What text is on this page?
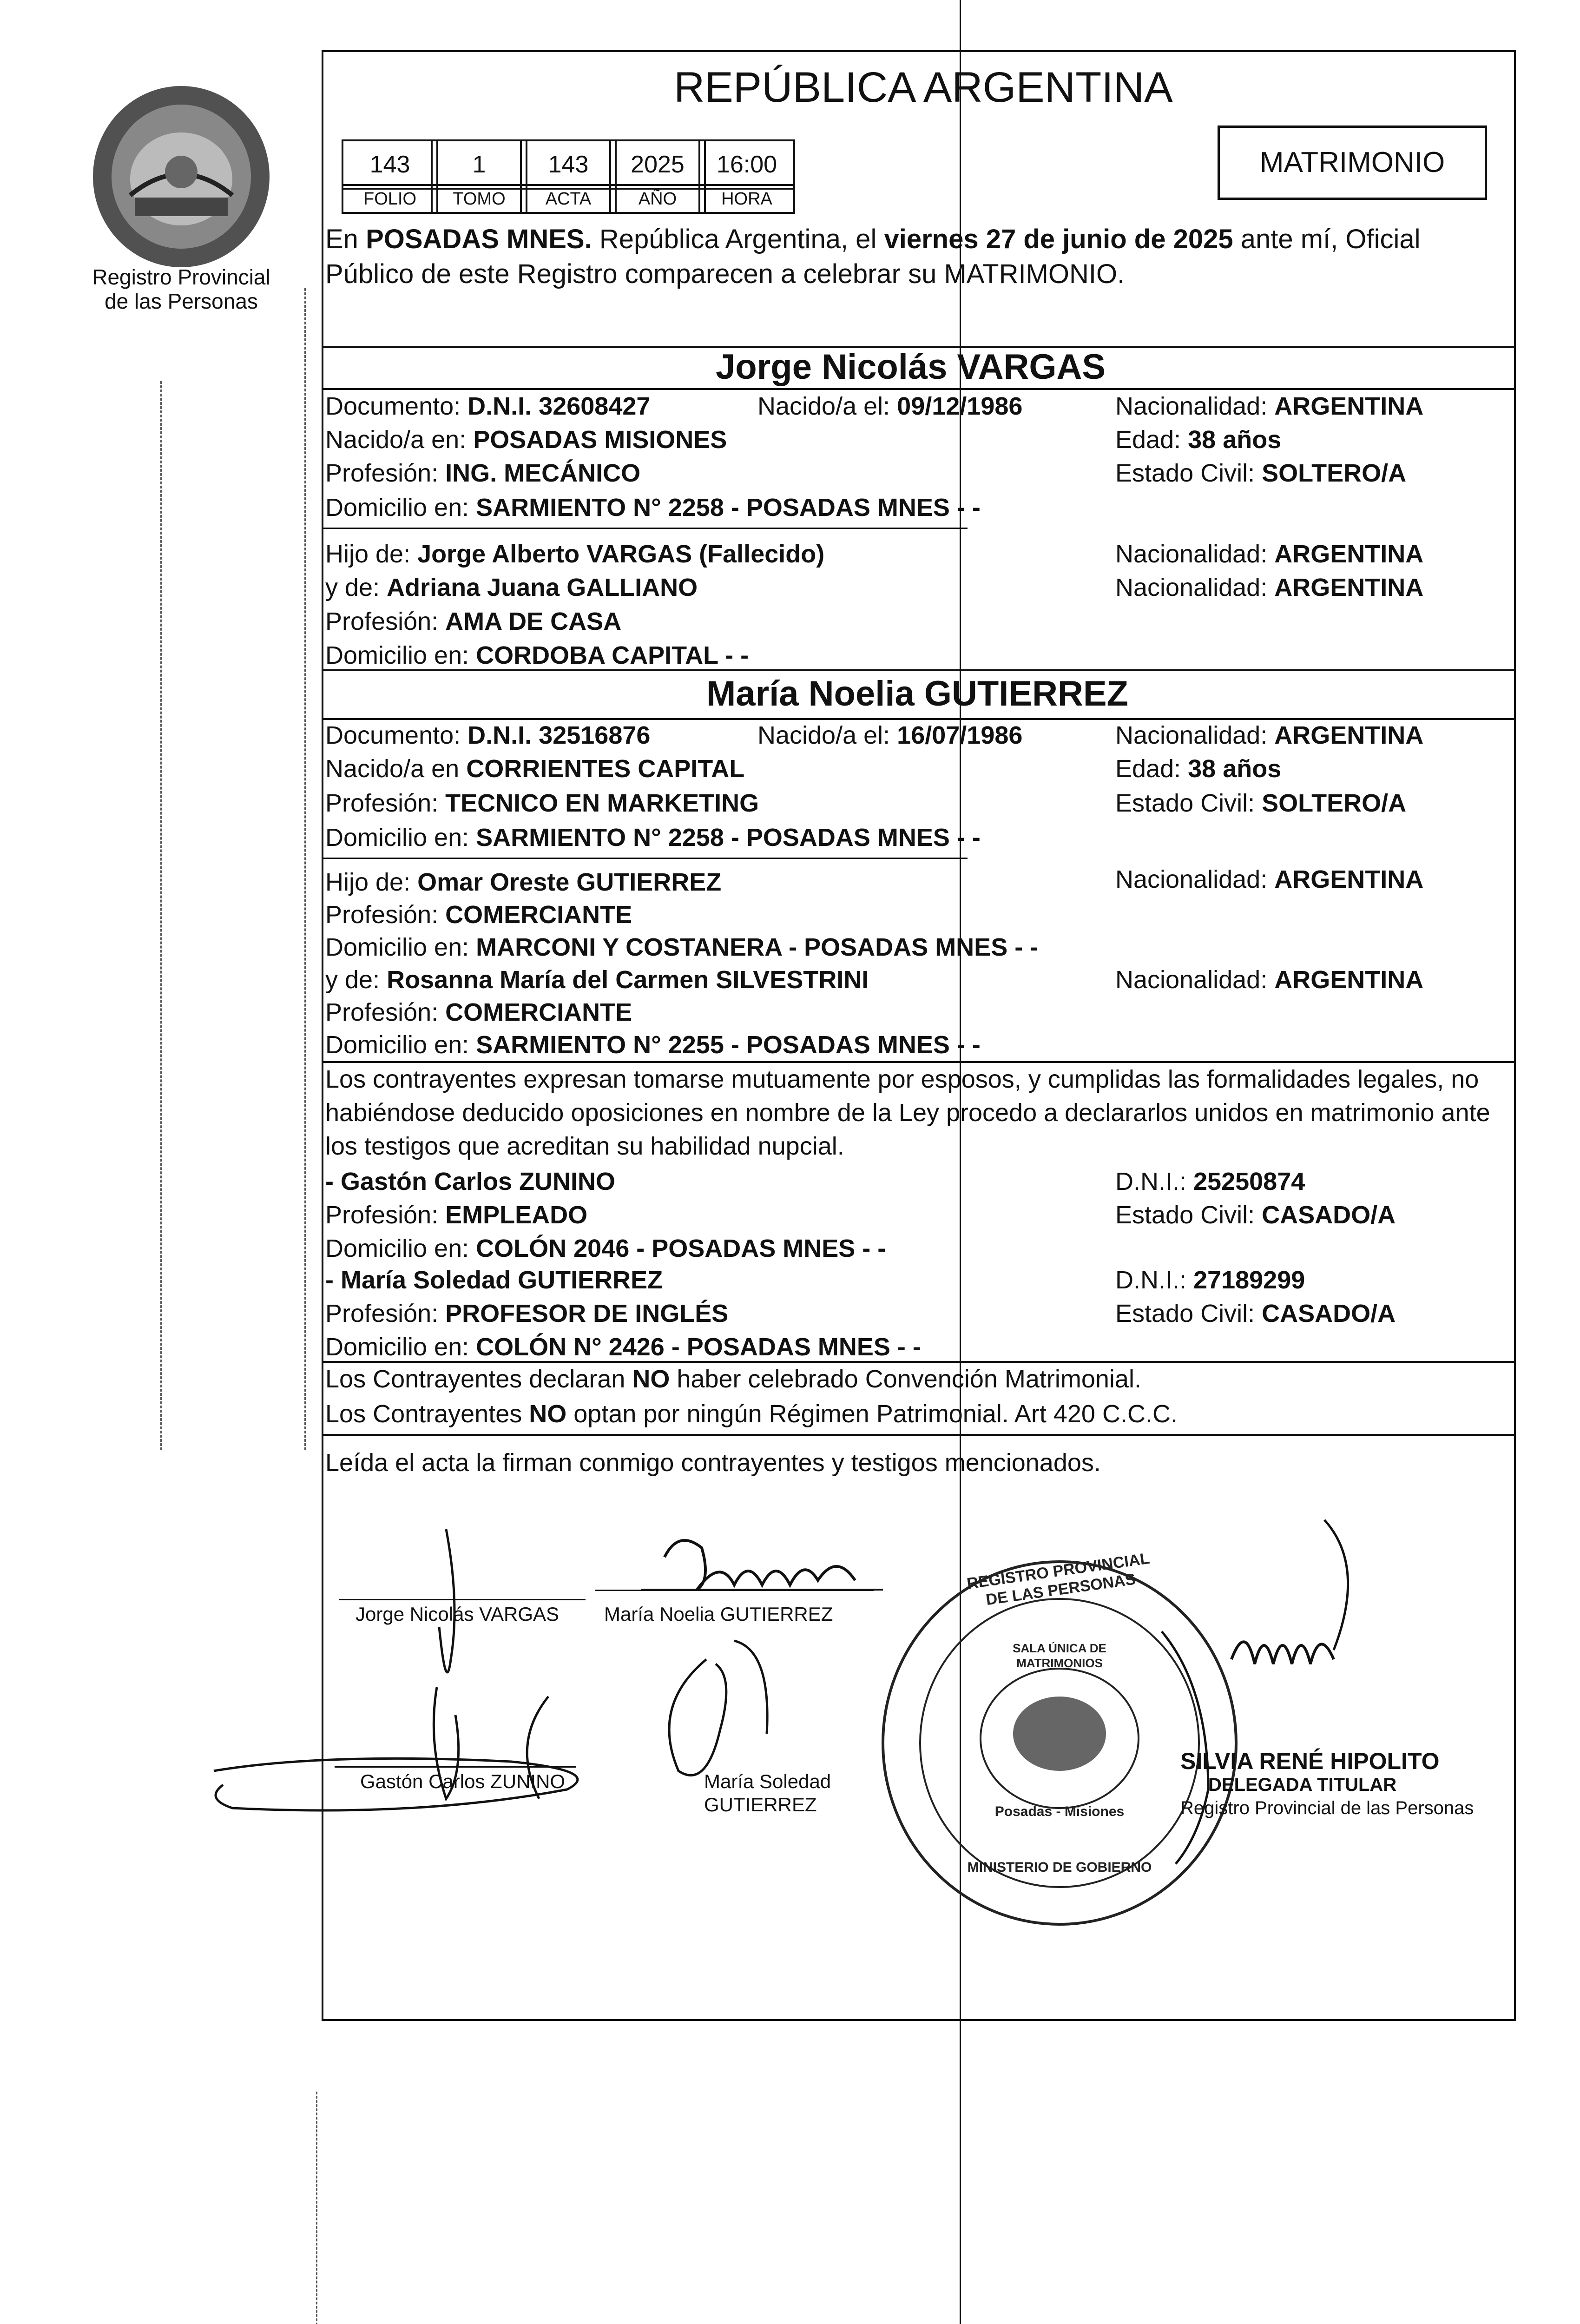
Registro Provincial
de las Personas
REPÚBLICA ARGENTINA
143	1	143	2025	16:00
FOLIO	TOMO	ACTA	AÑO	HORA
MATRIMONIO
En POSADAS MNES. República Argentina, el viernes 27 de junio de 2025 ante mí, Oficial
Público de este Registro comparecen a celebrar su MATRIMONIO.
Jorge Nicolás VARGAS
Documento: D.N.I. 32608427	Nacido/a el: 09/12/1986	Nacionalidad: ARGENTINA
Nacido/a en: POSADAS MISIONES	Edad: 38 años
Profesión: ING. MECÁNICO	Estado Civil: SOLTERO/A
Domicilio en: SARMIENTO N° 2258 - POSADAS MNES - -
Hijo de: Jorge Alberto VARGAS (Fallecido)	Nacionalidad: ARGENTINA
y de: Adriana Juana GALLIANO	Nacionalidad: ARGENTINA
Profesión: AMA DE CASA
Domicilio en: CORDOBA CAPITAL - -
María Noelia GUTIERREZ
Documento: D.N.I. 32516876	Nacido/a el: 16/07/1986	Nacionalidad: ARGENTINA
Nacido/a en CORRIENTES CAPITAL	Edad: 38 años
Profesión: TECNICO EN MARKETING	Estado Civil: SOLTERO/A
Domicilio en: SARMIENTO N° 2258 - POSADAS MNES - -
Hijo de: Omar Oreste GUTIERREZ	Nacionalidad: ARGENTINA
Profesión: COMERCIANTE
Domicilio en: MARCONI Y COSTANERA - POSADAS MNES - -
y de: Rosanna María del Carmen SILVESTRINI	Nacionalidad: ARGENTINA
Profesión: COMERCIANTE
Domicilio en: SARMIENTO N° 2255 - POSADAS MNES - -
Los contrayentes expresan tomarse mutuamente por esposos, y cumplidas las formalidades legales, no
habiéndose deducido oposiciones en nombre de la Ley procedo a declararlos unidos en matrimonio ante
los testigos que acreditan su habilidad nupcial.
- Gastón Carlos ZUNINO	D.N.I.: 25250874
Profesión: EMPLEADO	Estado Civil: CASADO/A
Domicilio en: COLÓN 2046 - POSADAS MNES - -
- María Soledad GUTIERREZ	D.N.I.: 27189299
Profesión: PROFESOR DE INGLÉS	Estado Civil: CASADO/A
Domicilio en: COLÓN N° 2426 - POSADAS MNES - -
Los Contrayentes declaran NO haber celebrado Convención Matrimonial.
Los Contrayentes NO optan por ningún Régimen Patrimonial. Art 420 C.C.C.
Leída el acta la firman conmigo contrayentes y testigos mencionados.
Jorge Nicolás VARGAS María Noelia GUTIERREZ
Gastón Carlos ZUNINO	María Soledad
GUTIERREZ
SILVIA RENÉ HIPOLITO
DELEGADA TITULAR
Registro Provincial de las Personas
REGISTRO PROVINCIAL DE LAS PERSONAS
SALA ÚNICA DE MATRIMONIOS
Posadas - Misiones
MINISTERIO DE GOBIERNO
